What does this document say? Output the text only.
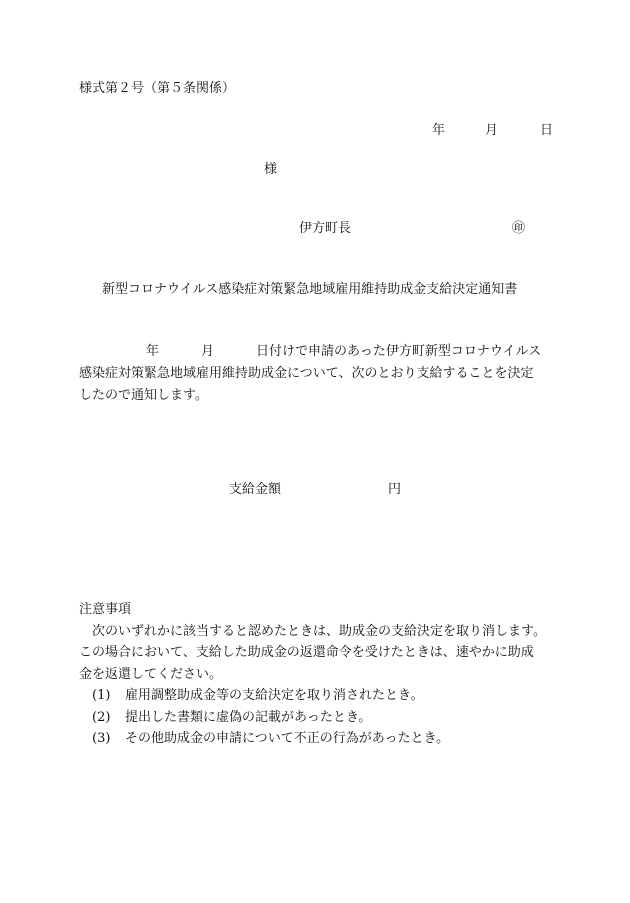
様式第２号（第５条関係）
年	月	日
様
伊方町長	㊞
新型コロナウイルス感染症対策緊急地域雇用維持助成金支給決定通知書

年	月	日付けで申請のあった伊方町新型コロナウイルス

感染症対策緊急地域雇用維持助成金について、次のとおり支給することを決定

したので通知します。

支給金額	円

注意事項

次のいずれかに該当すると認めたときは、助成金の支給決定を取り消します。

この場合において、支給した助成金の返還命令を受けたときは、速やかに助成

金を返還してください。

(1) 雇用調整助成金等の支給決定を取り消されたとき。
(2) 提出した書類に虚偽の記載があったとき。
(3) その他助成金の申請について不正の行為があったとき。
